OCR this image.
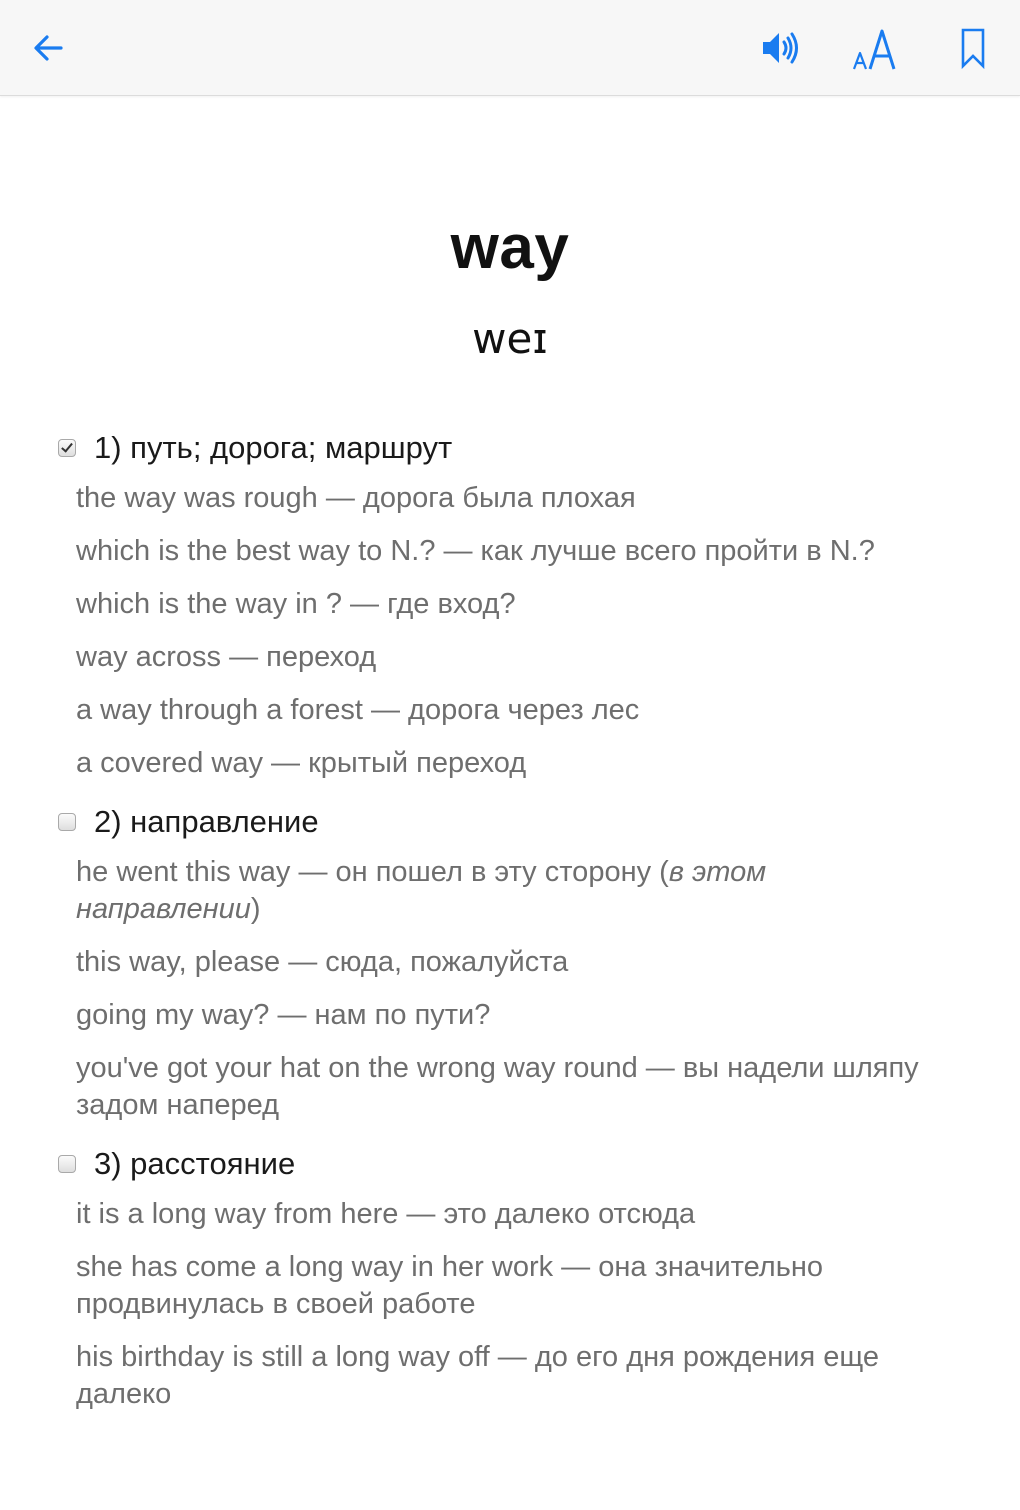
way
weɪ
1) путь; дорога; маршрут
the way was rough — дорога была плохая
which is the best way to N.? — как лучше всего пройти в N.?
which is the way in ? — где вход?
way across — переход
a way through a forest — дорога через лес
a covered way — крытый переход
2) направление
he went this way — он пошел в эту сторону (в этом направлении)
this way, please — сюда, пожалуйста
going my way? — нам по пути?
you've got your hat on the wrong way round — вы надели шляпу задом наперед
3) расстояние
it is a long way from here — это далеко отсюда
she has come a long way in her work — она значительно продвинулась в своей работе
his birthday is still a long way off — до его дня рождения еще далеко
